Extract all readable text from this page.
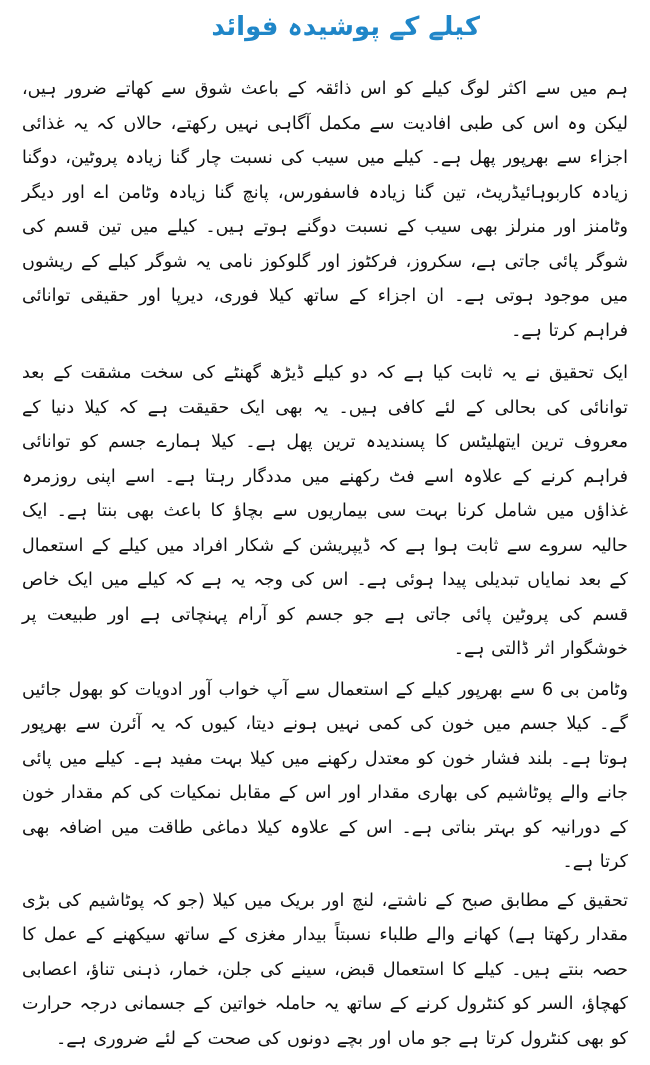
کیلے کے پوشیدہ فوائد

ہم میں سے اکثر لوگ کیلے کو اس ذائقہ کے باعث شوق سے کھاتے ضرور ہیں، لیکن وہ اس کی طبی افادیت سے مکمل آگاہی نہیں رکھتے، حالاں کہ یہ غذائی اجزاء سے بھرپور پھل ہے۔ کیلے میں سیب کی نسبت چار گنا زیادہ پروٹین، دوگنا زیادہ کاربوہائیڈریٹ، تین گنا زیادہ فاسفورس، پانچ گنا زیادہ وٹامن اے اور دیگر وٹامنز اور منرلز بھی سیب کے نسبت دوگنے ہوتے ہیں۔ کیلے میں تین قسم کی شوگر پائی جاتی ہے، سکروز، فرکٹوز اور گلوکوز نامی یہ شوگر کیلے کے ریشوں میں موجود ہوتی ہے۔ ان اجزاء کے ساتھ کیلا فوری، دیرپا اور حقیقی توانائی فراہم کرتا ہے۔

ایک تحقیق نے یہ ثابت کیا ہے کہ دو کیلے ڈیڑھ گھنٹے کی سخت مشقت کے بعد توانائی کی بحالی کے لئے کافی ہیں۔ یہ بھی ایک حقیقت ہے کہ کیلا دنیا کے معروف ترین ایتھلیٹس کا پسندیدہ ترین پھل ہے۔ کیلا ہمارے جسم کو توانائی فراہم کرنے کے علاوہ اسے فٹ رکھنے میں مددگار رہتا ہے۔ اسے اپنی روزمرہ غذاؤں میں شامل کرنا بہت سی بیماریوں سے بچاؤ کا باعث بھی بنتا ہے۔ ایک حالیہ سروے سے ثابت ہوا ہے کہ ڈیپریشن کے شکار افراد میں کیلے کے استعمال کے بعد نمایاں تبدیلی پیدا ہوئی ہے۔ اس کی وجہ یہ ہے کہ کیلے میں ایک خاص قسم کی پروٹین پائی جاتی ہے جو جسم کو آرام پہنچاتی ہے اور طبیعت پر خوشگوار اثر ڈالتی ہے۔

وٹامن بی 6 سے بھرپور کیلے کے استعمال سے آپ خواب آور ادویات کو بھول جائیں گے۔ کیلا جسم میں خون کی کمی نہیں ہونے دیتا، کیوں کہ یہ آئرن سے بھرپور ہوتا ہے۔ بلند فشار خون کو معتدل رکھنے میں کیلا بہت مفید ہے۔ کیلے میں پائی جانے والے پوٹاشیم کی بھاری مقدار اور اس کے مقابل نمکیات کی کم مقدار خون کے دورانیہ کو بہتر بناتی ہے۔ اس کے علاوہ کیلا دماغی طاقت میں اضافہ بھی کرتا ہے۔

تحقیق کے مطابق صبح کے ناشتے، لنچ اور بریک میں کیلا (جو کہ پوٹاشیم کی بڑی مقدار رکھتا ہے) کھانے والے طلباء نسبتاً بیدار مغزی کے ساتھ سیکھنے کے عمل کا حصہ بنتے ہیں۔ کیلے کا استعمال قبض، سینے کی جلن، خمار، ذہنی تناؤ، اعصابی کھچاؤ، السر کو کنٹرول کرنے کے ساتھ یہ حاملہ خواتین کے جسمانی درجہ حرارت کو بھی کنٹرول کرتا ہے جو ماں اور بچے دونوں کی صحت کے لئے ضروری ہے۔
